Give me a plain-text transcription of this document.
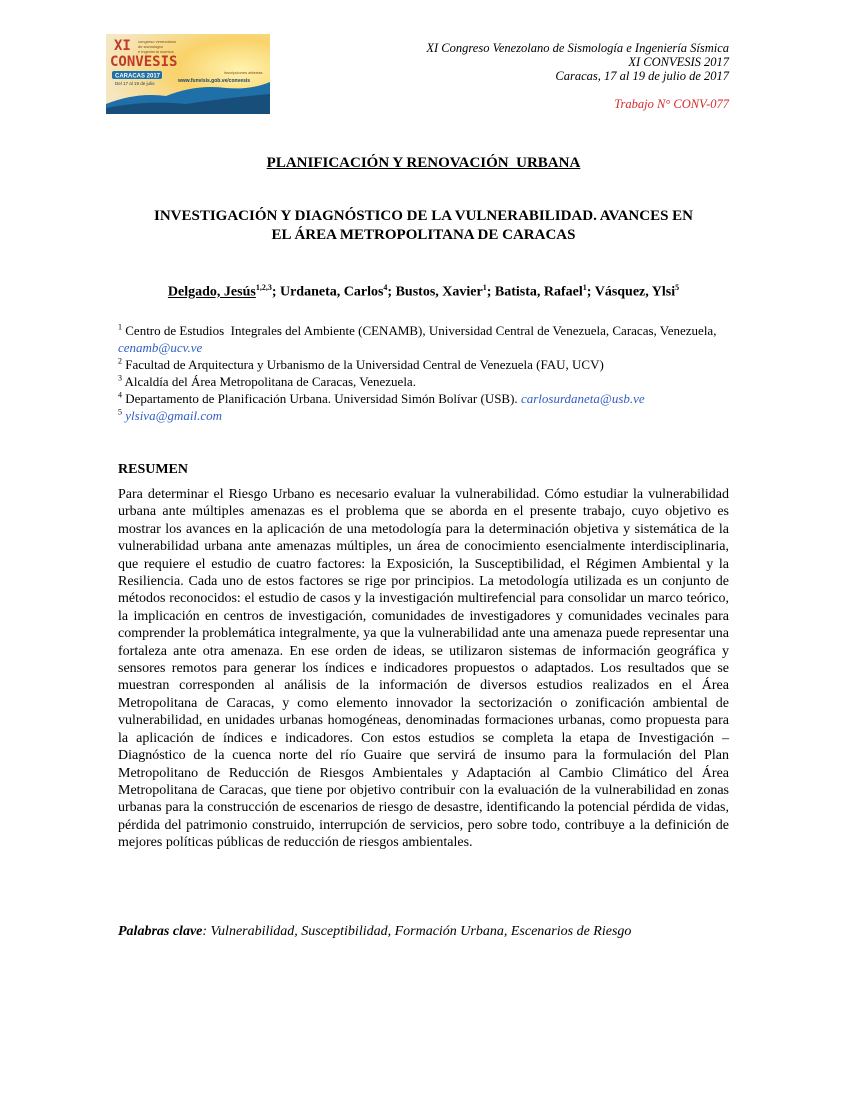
XI
CONVESIS
congreso venezolano
de sismología
e ingeniería sísmica
CARACAS 2017
Del 17 al 19 de julio
inscripciones abiertas
www.funvisis.gob.ve/convesis
XI Congreso Venezolano de Sismología e Ingeniería Sísmica
XI CONVESIS 2017
Caracas, 17 al 19 de julio de 2017
Trabajo N° CONV-077
PLANIFICACIÓN Y RENOVACIÓN  URBANA
INVESTIGACIÓN Y DIAGNÓSTICO DE LA VULNERABILIDAD. AVANCES EN
EL ÁREA METROPOLITANA DE CARACAS
Delgado, Jesús$^{1,2,3}$; Urdaneta, Carlos$^4$; Bustos, Xavier$^1$; Batista, Rafael$^1$; Vásquez, Ylsi$^5$

$^1$ Centro de Estudios  Integrales del Ambiente (CENAMB), Universidad Central de Venezuela, Caracas, Venezuela,  cenamb@ucv.ve

$^2$ Facultad de Arquitectura y Urbanismo de la Universidad Central de Venezuela (FAU, UCV)

$^3$ Alcaldía del Área Metropolitana de Caracas, Venezuela.

$^4$ Departamento de Planificación Urbana. Universidad Simón Bolívar (USB). carlosurdaneta@usb.ve

$^5$ ylsiva@gmail.com

RESUMEN

Para determinar el Riesgo Urbano es necesario evaluar la vulnerabilidad. Cómo estudiar la vulnerabilidad urbana ante múltiples amenazas es el problema que se aborda en el presente trabajo, cuyo objetivo es mostrar los avances en la aplicación de una metodología para la determinación objetiva y sistemática de la vulnerabilidad urbana ante amenazas múltiples, un área de conocimiento esencialmente interdisciplinaria, que requiere el estudio de cuatro factores: la Exposición, la Susceptibilidad, el Régimen Ambiental y la Resiliencia. Cada uno de estos factores se rige por principios. La metodología utilizada es un conjunto de métodos reconocidos: el estudio de casos y la investigación multirefencial para consolidar un marco teórico, la implicación en centros de investigación, comunidades de investigadores y comunidades vecinales para comprender la problemática integralmente, ya que la vulnerabilidad ante una amenaza puede representar una fortaleza ante otra amenaza. En ese orden de ideas, se utilizaron sistemas de información geográfica y sensores remotos para generar los índices e indicadores propuestos o adaptados. Los resultados que se muestran corresponden al análisis de la información de diversos estudios realizados en el Área Metropolitana de Caracas, y como elemento innovador la sectorización o zonificación ambiental de vulnerabilidad, en unidades urbanas homogéneas, denominadas formaciones urbanas, como propuesta para la aplicación de índices e indicadores. Con estos estudios se completa la etapa de Investigación – Diagnóstico de la cuenca norte del río Guaire que servirá de insumo para la formulación del Plan Metropolitano de Reducción de Riesgos Ambientales y Adaptación al Cambio Climático del Área Metropolitana de Caracas, que tiene por objetivo contribuir con la evaluación de la vulnerabilidad en zonas urbanas para la construcción de escenarios de riesgo de desastre, identificando la potencial pérdida de vidas, pérdida del patrimonio construido, interrupción de servicios, pero sobre todo, contribuye a la definición de mejores políticas públicas de reducción de riesgos ambientales.

Palabras clave: Vulnerabilidad, Susceptibilidad, Formación Urbana, Escenarios de Riesgo
